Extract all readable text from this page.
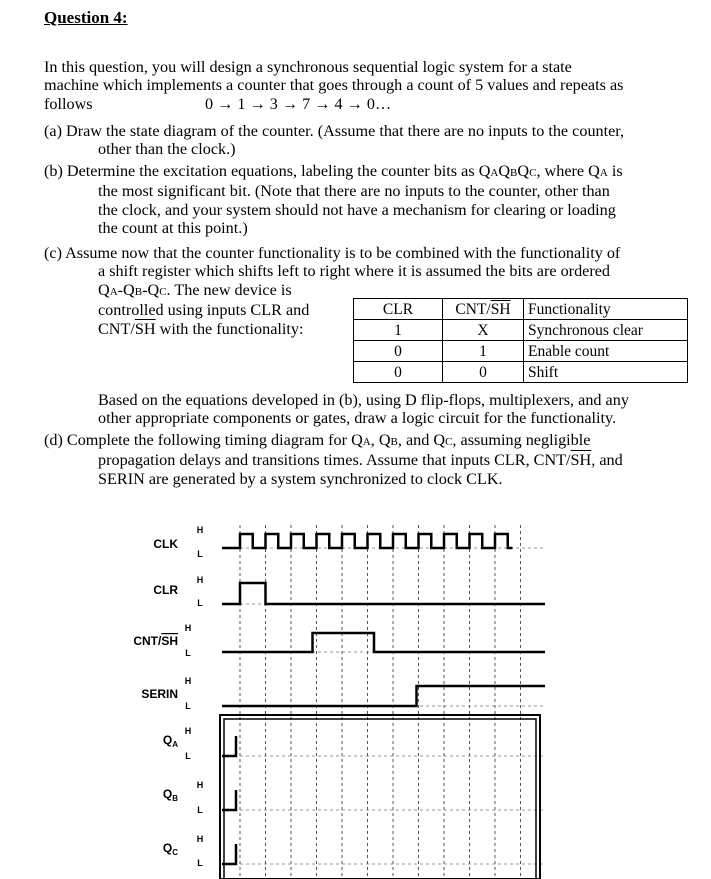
Question 4:
In this question, you will design a synchronous sequential logic system for a state
machine which implements a counter that goes through a count of 5 values and repeats as
follows	0 → 1 → 3 → 7 → 4 → 0…
(a) Draw the state diagram of the counter. (Assume that there are no inputs to the counter,
other than the clock.)
(b) Determine the excitation equations, labeling the counter bits as QAQBQC, where QA is
the most significant bit. (Note that there are no inputs to the counter, other than
the clock, and your system should not have a mechanism for clearing or loading
the count at this point.)
(c) Assume now that the counter functionality is to be combined with the functionality of
a shift register which shifts left to right where it is assumed the bits are ordered
QA-QB-QC. The new device is
controlled using inputs CLR and
CNT/$\overline{SH}$ with the functionality:
CLR	CNT/$\overline{SH}$	Functionality
1	X	Synchronous clear
0	1	Enable count
0	0	Shift
Based on the equations developed in (b), using D flip-flops, multiplexers, and any
other appropriate components or gates, draw a logic circuit for the functionality.
(d) Complete the following timing diagram for QA, QB, and QC, assuming negligible
propagation delays and transitions times. Assume that inputs CLR, CNT/$\overline{SH}$, and
SERIN are generated by a system synchronized to clock CLK.
CLK
H
L
CLR
H
L
CNT/SH
H
L
SERIN
H
L
$Q_A$
H
L
$Q_B$
H
L
$Q_C$
H
L
